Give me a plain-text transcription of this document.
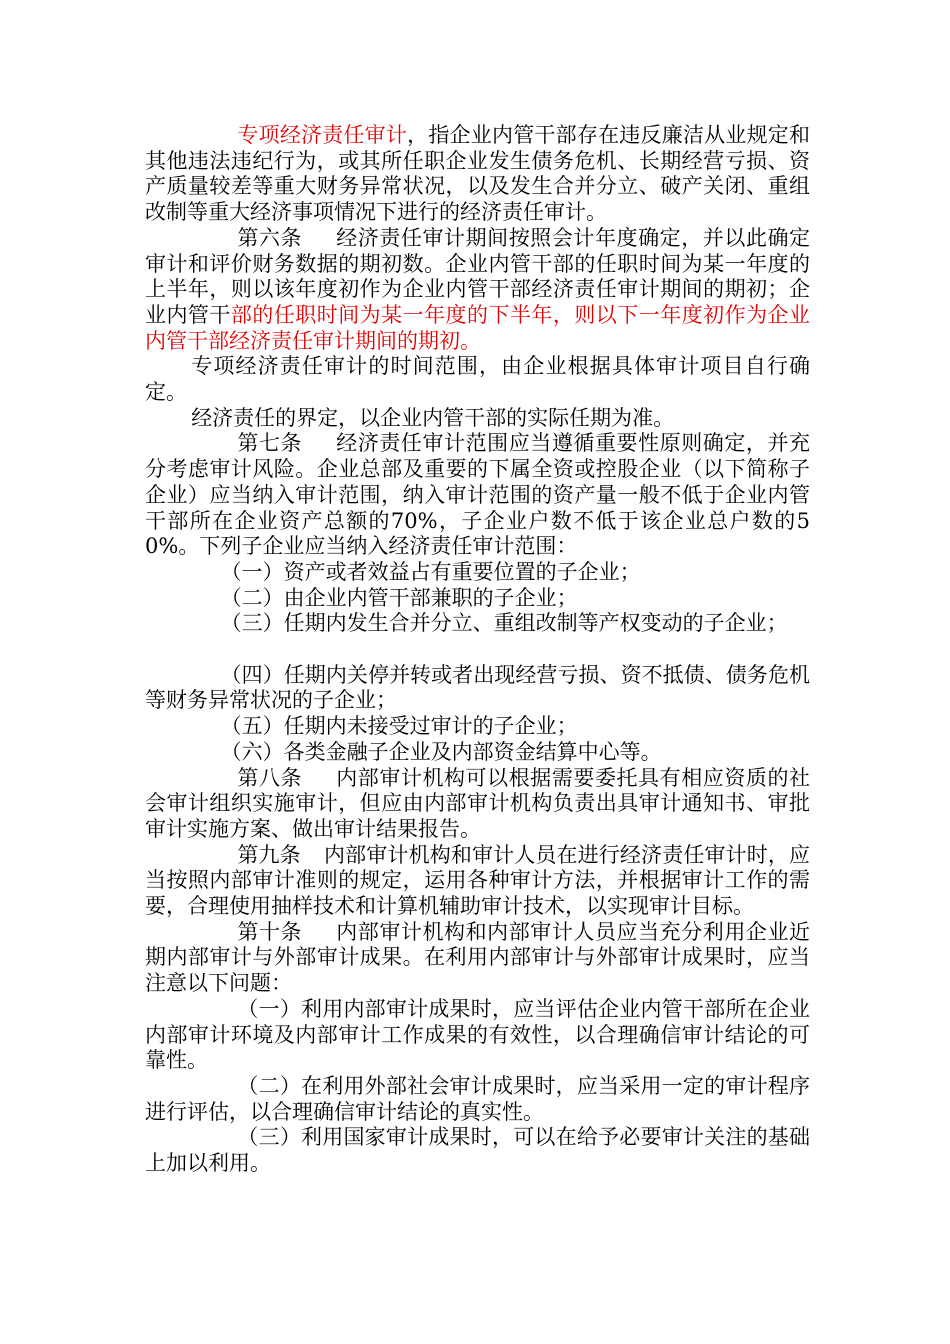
专项经济责任审计，指企业内管干部存在违反廉洁从业规定和其他违法违纪行为，或其所任职企业发生债务危机、长期经营亏损、资产质量较差等重大财务异常状况，以及发生合并分立、破产关闭、重组改制等重大经济事项情况下进行的经济责任审计。

第六条 经济责任审计期间按照会计年度确定，并以此确定审计和评价财务数据的期初数。企业内管干部的任职时间为某一年度的上半年，则以该年度初作为企业内管干部经济责任审计期间的期初；企业内管干部的任职时间为某一年度的下半年，则以下一年度初作为企业内管干部经济责任审计期间的期初。

专项经济责任审计的时间范围，由企业根据具体审计项目自行确定。

经济责任的界定，以企业内管干部的实际任期为准。

第七条 经济责任审计范围应当遵循重要性原则确定，并充分考虑审计风险。企业总部及重要的下属全资或控股企业（以下简称子企业）应当纳入审计范围，纳入审计范围的资产量一般不低于企业内管干部所在企业资产总额的70%，子企业户数不低于该企业总户数的50%。下列子企业应当纳入经济责任审计范围：

（一）资产或者效益占有重要位置的子企业；

（二）由企业内管干部兼职的子企业；

（三）任期内发生合并分立、重组改制等产权变动的子企业；

（四）任期内关停并转或者出现经营亏损、资不抵债、债务危机等财务异常状况的子企业；

（五）任期内未接受过审计的子企业；

（六）各类金融子企业及内部资金结算中心等。

第八条 内部审计机构可以根据需要委托具有相应资质的社会审计组织实施审计，但应由内部审计机构负责出具审计通知书、审批审计实施方案、做出审计结果报告。

第九条 内部审计机构和审计人员在进行经济责任审计时，应当按照内部审计准则的规定，运用各种审计方法，并根据审计工作的需要，合理使用抽样技术和计算机辅助审计技术，以实现审计目标。

第十条 内部审计机构和内部审计人员应当充分利用企业近期内部审计与外部审计成果。在利用内部审计与外部审计成果时，应当注意以下问题：

（一）利用内部审计成果时，应当评估企业内管干部所在企业内部审计环境及内部审计工作成果的有效性，以合理确信审计结论的可靠性。

（二）在利用外部社会审计成果时，应当采用一定的审计程序进行评估，以合理确信审计结论的真实性。

（三）利用国家审计成果时，可以在给予必要审计关注的基础上加以利用。
